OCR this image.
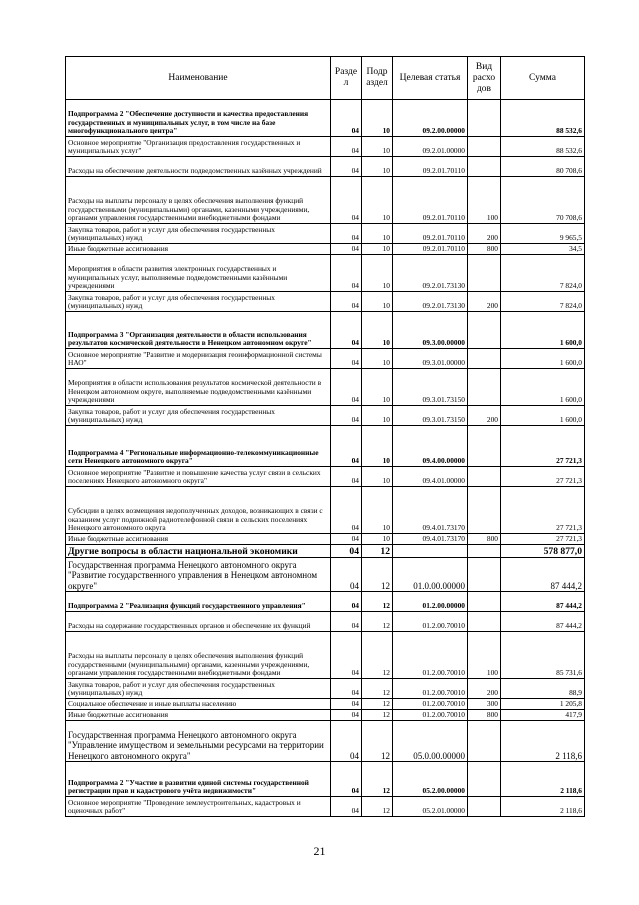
Наименование	Разде л	Подр аздел	Целевая статья	Вид расхо дов	Сумма
Подпрограмма 2 "Обеспечение доступности и качества предоставления государственных и муниципальных услуг, в том числе на базе многофункционального центра"	04	10	09.2.00.00000		88 532,6
Основное мероприятие "Организация предоставления государственных и муниципальных услуг"	04	10	09.2.01.00000		88 532,6
Расходы на обеспечение деятельности подведомственных казённых учреждений	04	10	09.2.01.70110		80 708,6
Расходы на выплаты персоналу в целях обеспечения выполнения функций государственными (муниципальными) органами, казенными учреждениями, органами управления государственными внебюджетными фондами	04	10	09.2.01.70110	100	70 708,6
Закупка товаров, работ и услуг для обеспечения государственных (муниципальных) нужд	04	10	09.2.01.70110	200	9 965,5
Иные бюджетные ассигнования	04	10	09.2.01.70110	800	34,5
Мероприятия в области развития электронных государственных и муниципальных услуг, выполняемые подведомственными казёнными учреждениями	04	10	09.2.01.73130		7 824,0
Закупка товаров, работ и услуг для обеспечения государственных (муниципальных) нужд	04	10	09.2.01.73130	200	7 824,0
Подпрограмма 3 "Организация деятельности в области использования результатов космической деятельности в Ненецком автономном округе"	04	10	09.3.00.00000		1 600,0
Основное мероприятие "Развитие и модернизация геоинформационной системы НАО"	04	10	09.3.01.00000		1 600,0
Мероприятия в области использования результатов космической деятельности в Ненецком автономном округе, выполняемые подведомственными казёнными учреждениями	04	10	09.3.01.73150		1 600,0
Закупка товаров, работ и услуг для обеспечения государственных (муниципальных) нужд	04	10	09.3.01.73150	200	1 600,0
Подпрограмма 4 "Региональные информационно-телекоммуникационные сети Ненецкого автономного округа"	04	10	09.4.00.00000		27 721,3
Основное мероприятие "Развитие и повышение качества услуг связи в сельских поселениях Ненецкого автономного округа"	04	10	09.4.01.00000		27 721,3
Субсидии в целях возмещения недополученных доходов, возникающих в связи с оказанием услуг подвижной радиотелефонной связи в сельских поселениях Ненецкого автономного округа	04	10	09.4.01.73170		27 721,3
Иные бюджетные ассигнования	04	10	09.4.01.73170	800	27 721,3
Другие вопросы в области национальной экономики	04	12			578 877,0
Государственная программа Ненецкого автономного округа "Развитие государственного управления в Ненецком автономном округе"	04	12	01.0.00.00000		87 444,2
Подпрограмма 2 "Реализация функций государственного управления"	04	12	01.2.00.00000		87 444,2
Расходы на содержание государственных органов и обеспечение их функций	04	12	01.2.00.70010		87 444,2
Расходы на выплаты персоналу в целях обеспечения выполнения функций государственными (муниципальными) органами, казенными учреждениями, органами управления государственными внебюджетными фондами	04	12	01.2.00.70010	100	85 731,6
Закупка товаров, работ и услуг для обеспечения государственных (муниципальных) нужд	04	12	01.2.00.70010	200	88,9
Социальное обеспечение и иные выплаты населению	04	12	01.2.00.70010	300	1 205,8
Иные бюджетные ассигнования	04	12	01.2.00.70010	800	417,9
Государственная программа Ненецкого автономного округа "Управление имуществом и земельными ресурсами на территории Ненецкого автономного округа"	04	12	05.0.00.00000		2 118,6
Подпрограмма 2 "Участие в развитии единой системы государственной регистрации прав и кадастрового учёта недвижимости"	04	12	05.2.00.00000		2 118,6
Основное мероприятие "Проведение землеустроительных, кадастровых и оценочных работ"	04	12	05.2.01.00000		2 118,6
21
